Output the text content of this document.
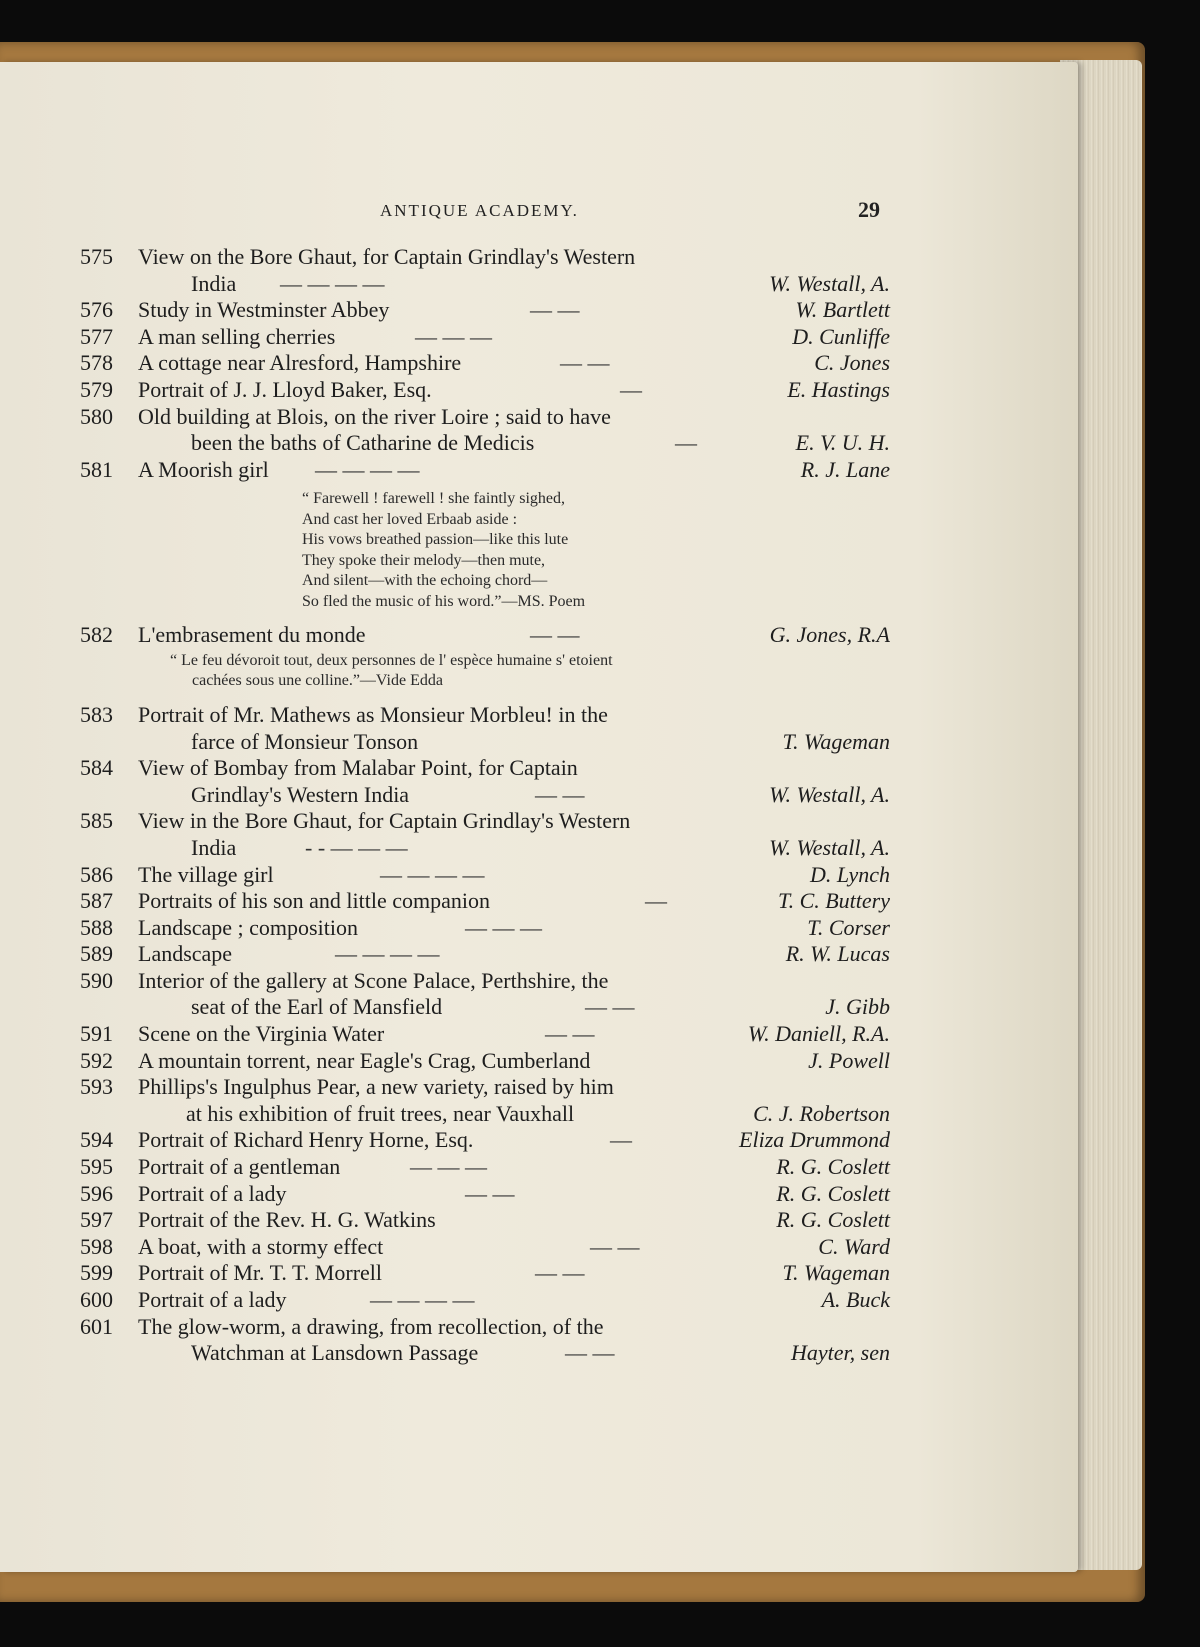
ANTIQUE ACADEMY.	29
575	View on the Bore Ghaut, for Captain Grindlay's Western
India — — — —	W. Westall, A.
576	Study in Westminster Abbey	— —	W. Bartlett
577	A man selling cherries	— — —	D. Cunliffe
578	A cottage near Alresford, Hampshire	— —	C. Jones
579	Portrait of J. J. Lloyd Baker, Esq.	—	E. Hastings
580	Old building at Blois, on the river Loire ; said to have
been the baths of Catharine de Medicis	—	E. V. U. H.
581	A Moorish girl — — — —	R. J. Lane
“ Farewell ! farewell ! she faintly sighed,
And cast her loved Erbaab aside :
His vows breathed passion—like this lute
They spoke their melody—then mute,
And silent—with the echoing chord—
So fled the music of his word.”—MS. Poem
582	L'embrasement du monde	— —	G. Jones, R.A
“ Le feu dévoroit tout, deux personnes de l' espèce humaine s' etoient
cachées sous une colline.”—Vide Edda
583	Portrait of Mr. Mathews as Monsieur Morbleu! in the
farce of Monsieur Tonson	T. Wageman
584	View of Bombay from Malabar Point, for Captain
Grindlay's Western India	— —	W. Westall, A.
585	View in the Bore Ghaut, for Captain Grindlay's Western
India	- - — — —	W. Westall, A.
586	The village girl	— — — —	D. Lynch
587	Portraits of his son and little companion	—	T. C. Buttery
588	Landscape ; composition	— — —	T. Corser
589	Landscape	— — — —	R. W. Lucas
590	Interior of the gallery at Scone Palace, Perthshire, the
seat of the Earl of Mansfield	— —	J. Gibb
591	Scene on the Virginia Water	— —	W. Daniell, R.A.
592	A mountain torrent, near Eagle's Crag, Cumberland	J. Powell
593	Phillips's Ingulphus Pear, a new variety, raised by him
at his exhibition of fruit trees, near Vauxhall	C. J. Robertson
594	Portrait of Richard Henry Horne, Esq.	—	Eliza Drummond
595	Portrait of a gentleman	— — —	R. G. Coslett
596	Portrait of a lady	— —	R. G. Coslett
597	Portrait of the Rev. H. G. Watkins	R. G. Coslett
598	A boat, with a stormy effect	— —	C. Ward
599	Portrait of Mr. T. T. Morrell	— —	T. Wageman
600	Portrait of a lady	— — — —	A. Buck
601	The glow-worm, a drawing, from recollection, of the
Watchman at Lansdown Passage	— —	Hayter, sen
